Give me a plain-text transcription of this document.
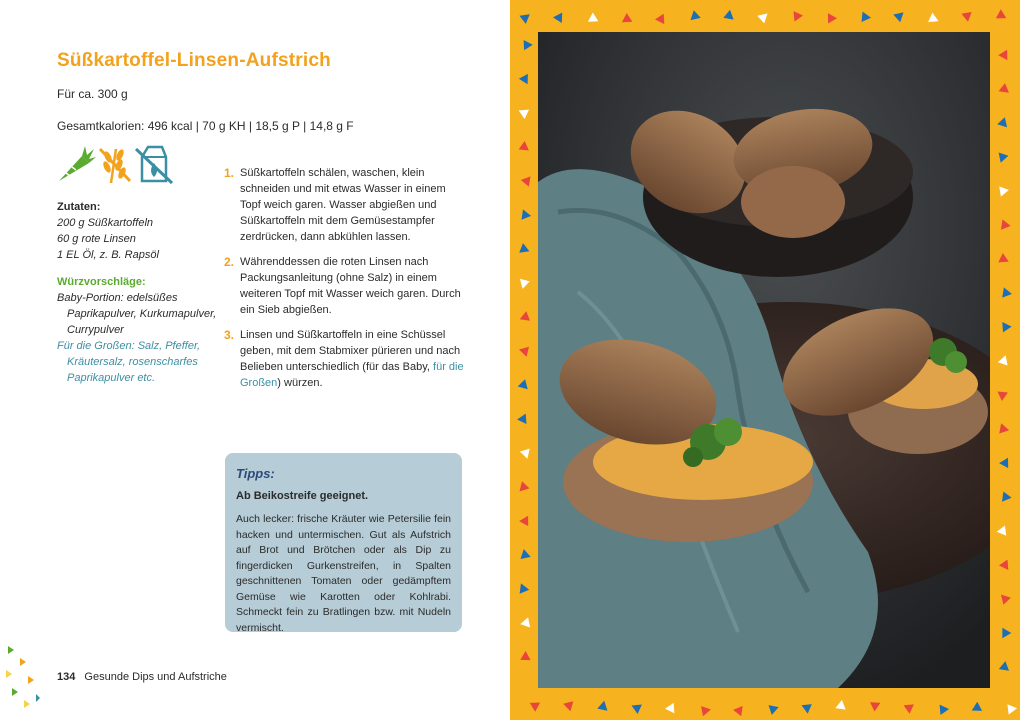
Süßkartoffel-Linsen-Aufstrich
Für ca. 300 g
Gesamtkalorien: 496 kcal | 70 g KH | 18,5 g P | 14,8 g F
Zutaten:
200 g Süßkartoffeln
60 g rote Linsen
1 EL Öl, z. B. Rapsöl
Würzvorschläge:
Baby-Portion: edelsüßes Paprikapulver, Kurkumapulver, Currypulver
Für die Großen: Salz, Pfeffer, Kräutersalz, rosenscharfes Paprikapulver etc.
1. Süßkartoffeln schälen, waschen, klein schneiden und mit etwas Wasser in einem Topf weich garen. Wasser abgießen und Süßkartoffeln mit dem Gemüsestampfer zerdrücken, dann abkühlen lassen.
2. Währenddessen die roten Linsen nach Packungsanleitung (ohne Salz) in einem weiteren Topf mit Wasser weich garen. Durch ein Sieb abgießen.
3. Linsen und Süßkartoffeln in eine Schüssel geben, mit dem Stabmixer pürieren und nach Belieben unterschiedlich (für das Baby, für die Großen) würzen.
Tipps:
Ab Beikostreife geeignet.
Auch lecker: frische Kräuter wie Petersilie fein hacken und untermischen. Gut als Aufstrich auf Brot und Brötchen oder als Dip zu fingerdicken Gurkenstreifen, in Spalten geschnittenen Tomaten oder gedämpftem Gemüse wie Karotten oder Kohlrabi. Schmeckt fein zu Bratlingen bzw. mit Nudeln vermischt.
134 Gesunde Dips und Aufstriche
